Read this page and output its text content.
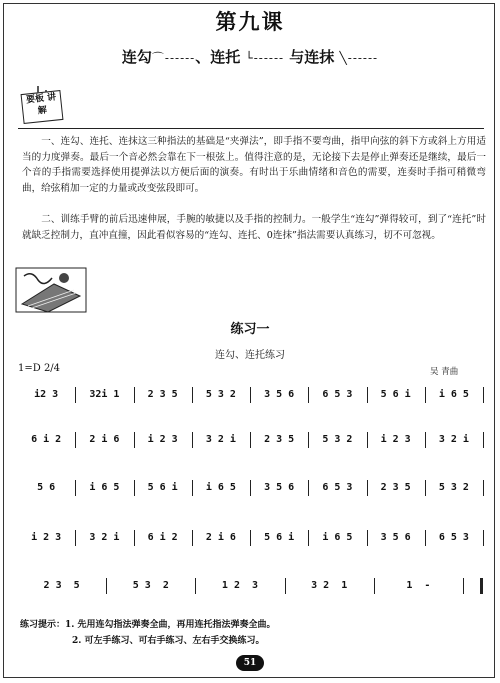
第九课
连勾⌒------、连托 └------ 与连抹 ╲------
要板 讲解
一、连勾、连托、连抹这三种指法的基础是“夹弹法”，即手指不要弯曲，指甲向弦的斜下方或斜上方用适当的力度弹奏。最后一个音必然会靠在下一根弦上。值得注意的是，无论接下去是停止弹奏还是继续，最后一个音的手指需要选择使用提弹法以方便后面的演奏。有时出于乐曲情绪和音色的需要，连奏时手指可稍微弯曲，给弦稍加一定的力量或改变弦段即可。
二、训练手臂的前后迅速伸展，手腕的敏捷以及手指的控制力。一般学生“连勾”弹得较可，到了“连托”时就缺乏控制力，直冲直撞，因此看似容易的“连勾、连托、0连抹”指法需要认真练习，切不可忽视。
练习一
连勾、连托练习
1=D 2/4	吴 青曲
i2 3	32i 1	2 3 5	5 3 2	3 5 6	6 5 3	5 6 i	i 6 5
6 i 2	2 i 6	i 2 3	3 2 i	2 3 5	5 3 2	i 2 3	3 2 i
5 6	i 6 5	5 6 i	i 6 5	3 5 6	6 5 3	2 3 5	5 3 2
i 2 3	3 2 i	6 i 2	2 i 6	5 6 i	i 6 5	3 5 6	6 5 3
2 3  5	5 3  2	1 2  3	3 2  1	1  -
练习提示：1. 先用连勾指法弹奏全曲，再用连托指法弹奏全曲。
2. 可左手练习、可右手练习、左右手交换练习。
51
